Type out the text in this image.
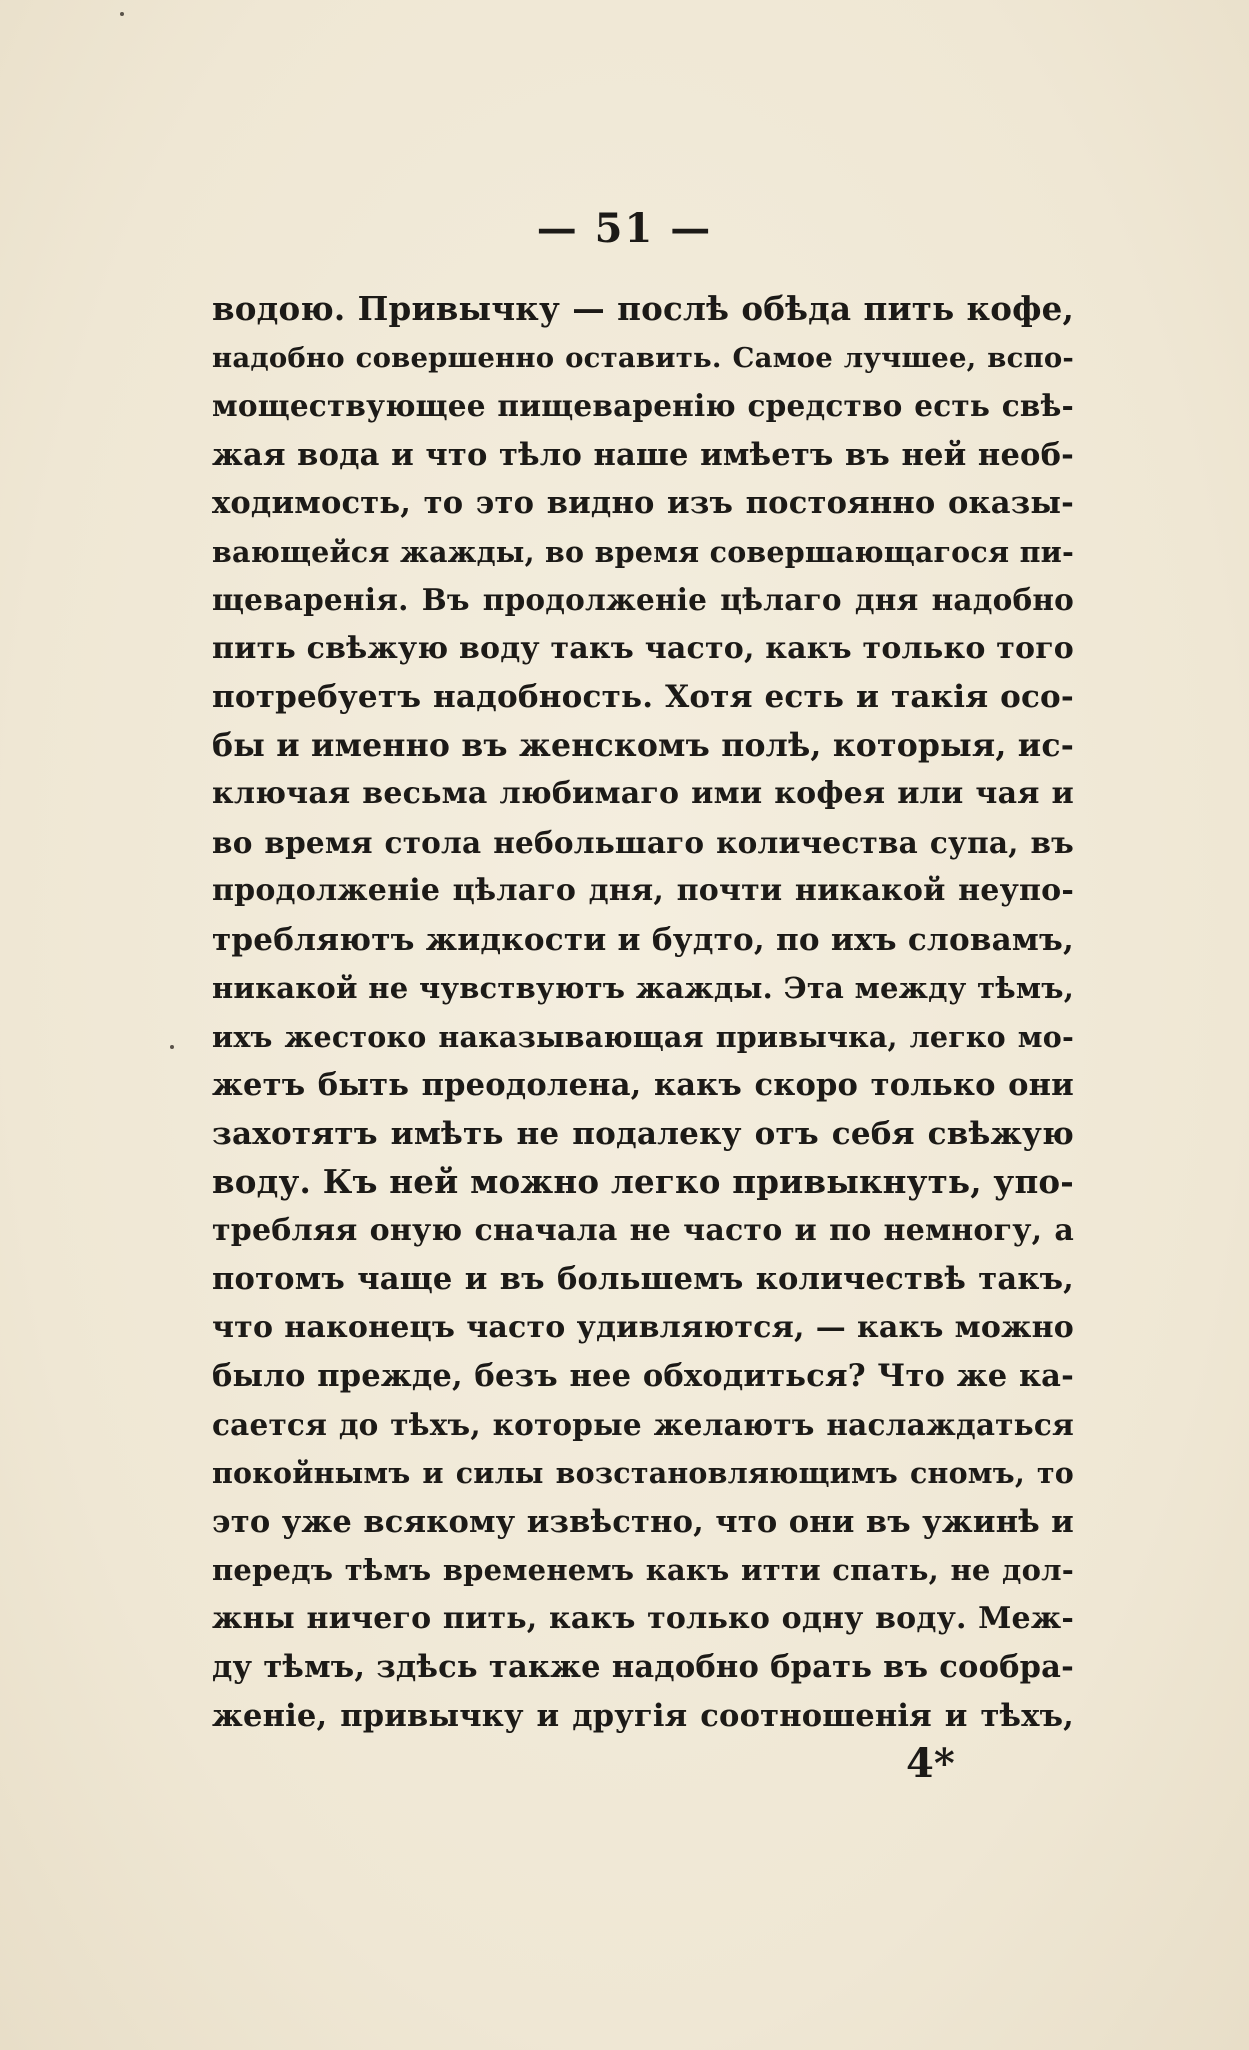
— 51 —
водою. Привычку — послѣ обѣда пить кофе,
надобно совершенно оставить. Самое лучшее, вспо-
моществующее пищеваренію средство есть свѣ-
жая вода и что тѣло наше имѣетъ въ ней необ-
ходимость, то это видно изъ постоянно оказы-
вающейся жажды, во время совершающагося пи-
щеваренія. Въ продолженіе цѣлаго дня надобно
пить свѣжую воду такъ часто, какъ только того
потребуетъ надобность. Хотя есть и такія осо-
бы и именно въ женскомъ полѣ, которыя, ис-
ключая весьма любимаго ими кофея или чая и
во время стола небольшаго количества супа, въ
продолженіе цѣлаго дня, почти никакой неупо-
требляютъ жидкости и будто, по ихъ словамъ,
никакой не чувствуютъ жажды. Эта между тѣмъ,
ихъ жестоко наказывающая привычка, легко мо-
жетъ быть преодолена, какъ скоро только они
захотятъ имѣть не подалеку отъ себя свѣжую
воду. Къ ней можно легко привыкнуть, упо-
требляя оную сначала не часто и по немногу, а
потомъ чаще и въ большемъ количествѣ такъ,
что наконецъ часто удивляются, — какъ можно
было прежде, безъ нее обходиться? Что же ка-
сается до тѣхъ, которые желаютъ наслаждаться
покойнымъ и силы возстановляющимъ сномъ, то
это уже всякому извѣстно, что они въ ужинѣ и
передъ тѣмъ временемъ какъ итти спать, не дол-
жны ничего пить, какъ только одну воду. Меж-
ду тѣмъ, здѣсь также надобно брать въ сообра-
женіе, привычку и другія соотношенія и тѣхъ,
4*
